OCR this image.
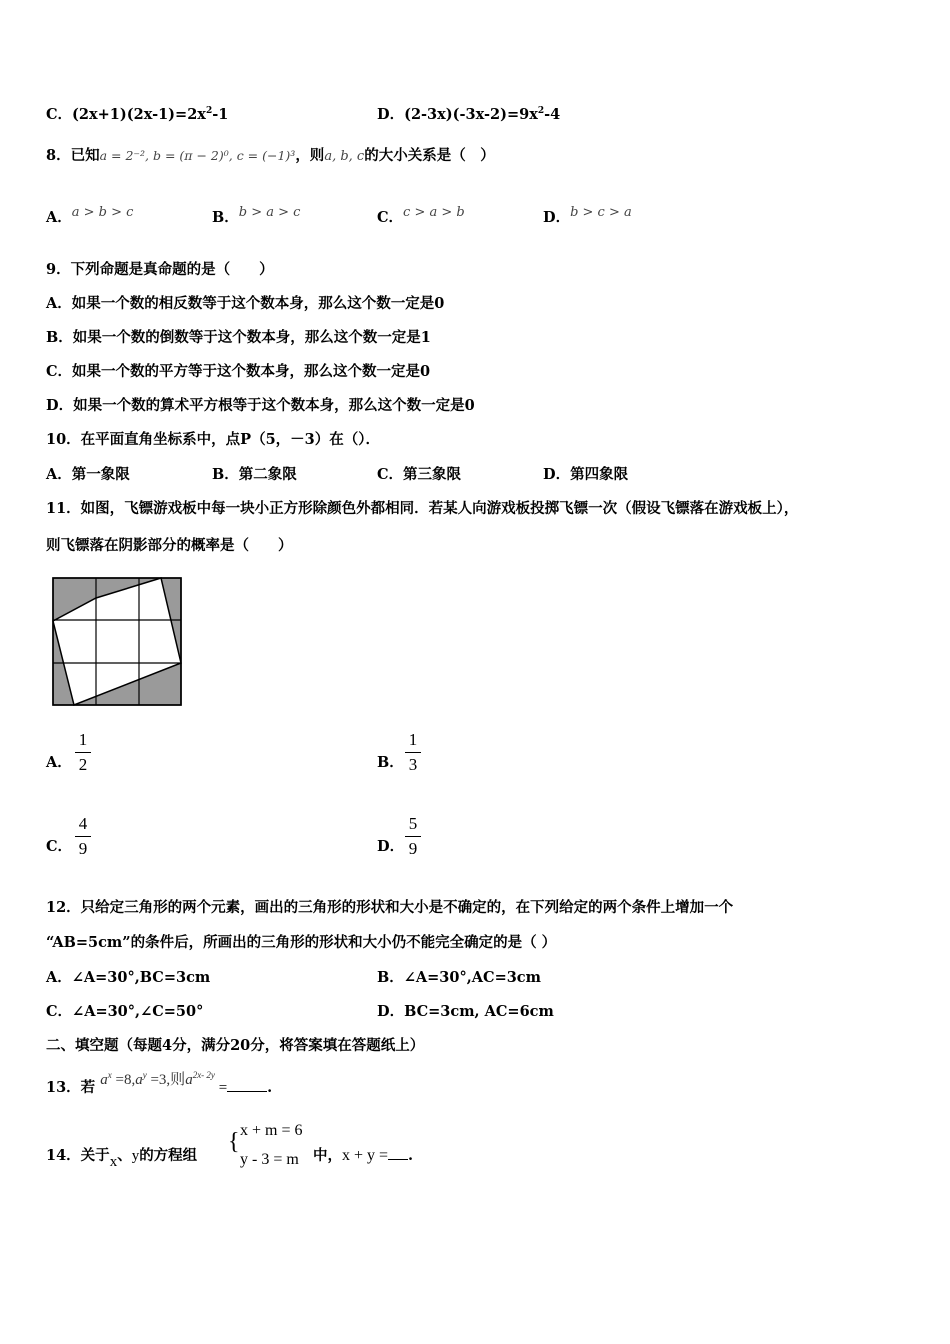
C．$(2x+1)(2x-1)=2x^2-1$	D．$(2-3x)(-3x-2)=9x^2-4$
8．已知a = 2⁻², b = (π − 2)⁰, c = (−1)³，则a, b, c的大小关系是（　）
A．a > b > c	B．b > a > c	C．c > a > b	D．b > c > a
9．下列命题是真命题的是（　　）
A．如果一个数的相反数等于这个数本身，那么这个数一定是0
B．如果一个数的倒数等于这个数本身，那么这个数一定是1
C．如果一个数的平方等于这个数本身，那么这个数一定是0
D．如果一个数的算术平方根等于这个数本身，那么这个数一定是0
10．在平面直角坐标系中，点P（5，－3）在（）．
A．第一象限	B．第二象限	C．第三象限	D．第四象限
11．如图，飞镖游戏板中每一块小正方形除颜色外都相同．若某人向游戏板投掷飞镖一次（假设飞镖落在游戏板上），
则飞镖落在阴影部分的概率是（　　）
A．
1
2	B．
1
3
C．
4
9	D．
5
9
12．只给定三角形的两个元素，画出的三角形的形状和大小是不确定的，在下列给定的两个条件上增加一个
“AB=5cm”的条件后，所画出的三角形的形状和大小仍不能完全确定的是（ ）
A．∠A=30°,BC=3cm	B．∠A=30°,AC=3cm
C．∠A=30°,∠C=50°	D．BC=3cm, AC=6cm
二、填空题（每题4分，满分20分，将答案填在答题纸上）
13．若 $a^x =8,a^y =3$,则$a^{2x- 2y}$ =	.
14．关于x、y的方程组
{ x + m = 6
y - 3 = m 中，x + y = .
